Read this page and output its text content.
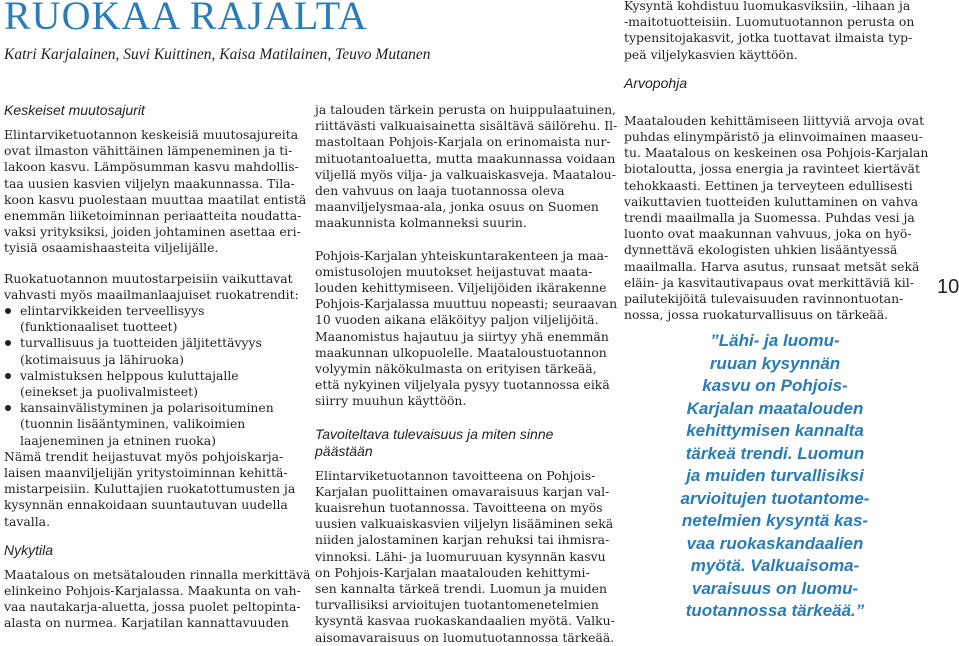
RUOKAA RAJALTA
Katri Karjalainen, Suvi Kuittinen, Kaisa Matilainen, Teuvo Mutanen
Keskeiset muutosajurit

Elintarviketuotannon keskeisiä muutosajureita
ovat ilmaston vähittäinen lämpeneminen ja ti-
lakoon kasvu. Lämpösumman kasvu mahdollis-
taa uusien kasvien viljelyn maakunnassa. Tila-
koon kasvu puolestaan muuttaa maatilat entistä
enemmän liiketoiminnan periaatteita noudatta-
vaksi yrityksiksi, joiden johtaminen asettaa eri-
tyisiä osaamishaasteita viljelijälle.

Ruokatuotannon muutostarpeisiin vaikuttavat
vahvasti myös maailmanlaajuiset ruokatrendit:

elintarvikkeiden terveellisyys
(funktionaaliset tuotteet)
turvallisuus ja tuotteiden jäljitettävyys
(kotimaisuus ja lähiruoka)
valmistuksen helppous kuluttajalle
(einekset ja puolivalmisteet)
kansainvälistyminen ja polarisoituminen
(tuonnin lisääntyminen, valikoimien
laajeneminen ja etninen ruoka)

Nämä trendit heijastuvat myös pohjoiskarja-
laisen maanviljelijän yritystoiminnan kehittä-
mistarpeisiin. Kuluttajien ruokatottumusten ja
kysynnän ennakoidaan suuntautuvan uudella
tavalla.

Nykytila

Maatalous on metsätalouden rinnalla merkittävä
elinkeino Pohjois-Karjalassa. Maakunta on vah-
vaa nautakarja-aluetta, jossa puolet peltopinta-
alasta on nurmea. Karjatilan kannattavuuden

ja talouden tärkein perusta on huippulaatuinen,
riittävästi valkuaisainetta sisältävä säilörehu. Il-
mastoltaan Pohjois-Karjala on erinomaista nur-
mituotantoaluetta, mutta maakunnassa voidaan
viljellä myös vilja- ja valkuaiskasveja. Maatalou-
den vahvuus on laaja tuotannossa oleva
maanviljelysmaa-ala, jonka osuus on Suomen
maakunnista kolmanneksi suurin.

Pohjois-Karjalan yhteiskuntarakenteen ja maa-
omistusolojen muutokset heijastuvat maata-
louden kehittymiseen. Viljelijöiden ikärakenne
Pohjois-Karjalassa muuttuu nopeasti; seuraavan
10 vuoden aikana eläköityy paljon viljelijöitä.
Maanomistus hajautuu ja siirtyy yhä enemmän
maakunnan ulkopuolelle. Maataloustuotannon
volyymin näkökulmasta on erityisen tärkeää,
että nykyinen viljelyala pysyy tuotannossa eikä
siirry muuhun käyttöön.

Tavoiteltava tulevaisuus ja miten sinne
päästään

Elintarviketuotannon tavoitteena on Pohjois-
Karjalan puolittainen omavaraisuus karjan val-
kuaisrehun tuotannossa. Tavoitteena on myös
uusien valkuaiskasvien viljelyn lisääminen sekä
niiden jalostaminen karjan rehuksi tai ihmisra-
vinnoksi. Lähi- ja luomuruuan kysynnän kasvu
on Pohjois-Karjalan maatalouden kehittymi-
sen kannalta tärkeä trendi. Luomun ja muiden
turvallisiksi arvioitujen tuotantomenetelmien
kysyntä kasvaa ruokaskandaalien myötä. Valku-
aisomavaraisuus on luomutuotannossa tärkeää.

Kysyntä kohdistuu luomukasviksiin, -lihaan ja
-maitotuotteisiin. Luomutuotannon perusta on
typensitojakasvit, jotka tuottavat ilmaista typ-
peä viljelykasvien käyttöön.

Arvopohja

Maatalouden kehittämiseen liittyviä arvoja ovat
puhdas elinympäristö ja elinvoimainen maaseu-
tu. Maatalous on keskeinen osa Pohjois-Karjalan
biotaloutta, jossa energia ja ravinteet kiertävät
tehokkaasti. Eettinen ja terveyteen edullisesti
vaikuttavien tuotteiden kuluttaminen on vahva
trendi maailmalla ja Suomessa. Puhdas vesi ja
luonto ovat maakunnan vahvuus, joka on hyö-
dynnettävä ekologisten uhkien lisääntyessä
maailmalla. Harva asutus, runsaat metsät sekä
eläin- ja kasvitautivapaus ovat merkittäviä kil-
pailutekijöitä tulevaisuuden ravinnontuotan-
nossa, jossa ruokaturvallisuus on tärkeää.

”Lähi- ja luomu-
ruuan kysynnän
kasvu on Pohjois-
Karjalan maatalouden
kehittymisen kannalta
tärkeä trendi. Luomun
ja muiden turvallisiksi
arvioitujen tuotantome-
netelmien kysyntä kas-
vaa ruokaskandaalien
myötä. Valkuaisoma-
varaisuus on luomu-
tuotannossa tärkeää.”
10
